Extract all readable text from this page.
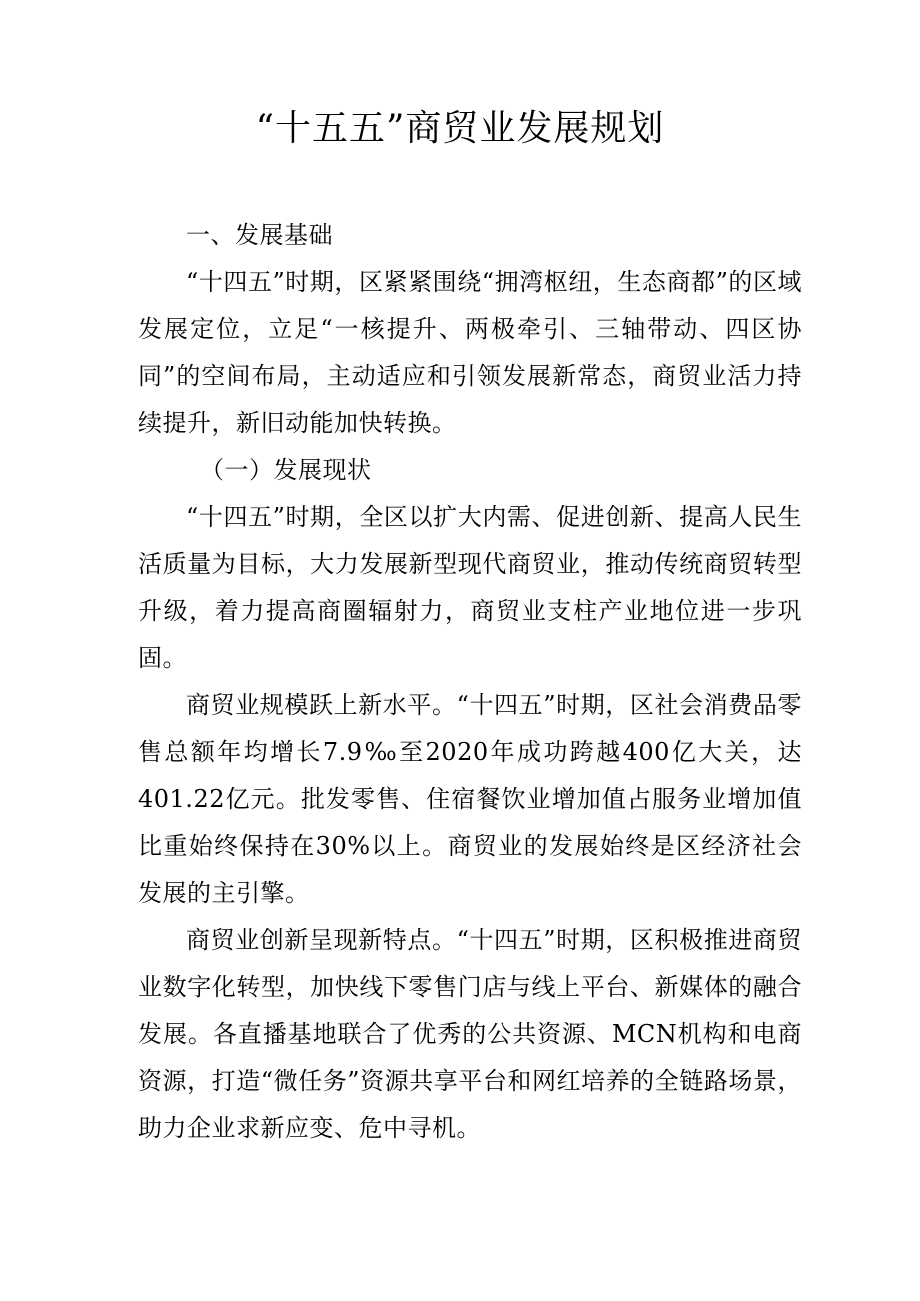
“十五五”商贸业发展规划

一、发展基础

“十四五”时期，区紧紧围绕“拥湾枢纽，生态商都”的区域发展定位，立足“一核提升、两极牵引、三轴带动、四区协同”的空间布局，主动适应和引领发展新常态，商贸业活力持续提升，新旧动能加快转换。

（一）发展现状

“十四五”时期，全区以扩大内需、促进创新、提高人民生活质量为目标，大力发展新型现代商贸业，推动传统商贸转型升级，着力提高商圈辐射力，商贸业支柱产业地位进一步巩固。

商贸业规模跃上新水平。“十四五”时期，区社会消费品零售总额年均增长7.9‰至2020年成功跨越400亿大关，达401.22亿元。批发零售、住宿餐饮业增加值占服务业增加值比重始终保持在30%以上。商贸业的发展始终是区经济社会发展的主引擎。

商贸业创新呈现新特点。“十四五”时期，区积极推进商贸业数字化转型，加快线下零售门店与线上平台、新媒体的融合发展。各直播基地联合了优秀的公共资源、MCN机构和电商资源，打造“微任务”资源共享平台和网红培养的全链路场景，助力企业求新应变、危中寻机。
